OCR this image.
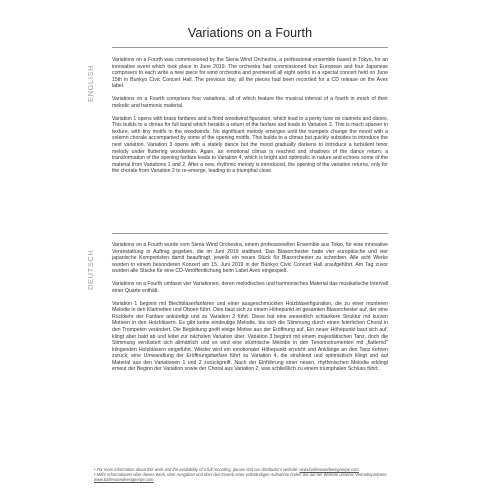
Variations on a Fourth
ENGLISH

Variations on a Fourth was commissioned by the Siena Wind Orchestra, a professional ensemble based in Tokyo, for an innovative event which took place in June 2019. The orchestra had commissioned four European and four Japanese composers to each write a new piece for wind orchestra and premiered all eight works in a special concert held on June 15th in Bunkyo Civic Concert Hall. The previous day, all the pieces had been recorded for a CD release on the Avex label.

Variations on a Fourth comprises four variations, all of which feature the musical interval of a fourth in much of their melodic and harmonic material.

Variation 1 opens with brass fanfares and a florid woodwind figuration, which lead to a perky tune on clarinets and oboes. This builds to a climax for full band which heralds a return of the fanfare and leads to Variation 2. This is much sparser in texture, with tiny motifs in the woodwinds. No significant melody emerges until the trumpets change the mood with a solemn chorale accompanied by some of the opening motifs. This builds to a climax but quickly subsides to introduce the next variation. Variation 3 opens with a stately dance but the mood gradually darkens to introduce a turbulent tenor melody under fluttering woodwinds. Again, an emotional climax is reached and shadows of the dance return; a transformation of the opening fanfare leads to Variation 4, which is bright and optimistic in nature and echoes some of the material from Variations 1 and 2. After a new, rhythmic melody is introduced, the opening of the variation returns, only for the chorale from Variation 2 to re-emerge, leading to a triumphal close.

DEUTSCH

Variations on a Fourth wurde vom Siena Wind Orchestra, einem professionellen Ensemble aus Tokio, für eine innovative Veranstaltung in Auftrag gegeben, die im Juni 2019 stattfand. Das Blasorchester hatte vier europäische und vier japanische Komponisten damit beauftragt, jeweils ein neues Stück für Blasorchester zu schreiben. Alle acht Werke wurden in einem besonderen Konzert am 15. Juni 2019 in der Bunkyo Civic Concert Hall uraufgeführt. Am Tag zuvor wurden alle Stücke für eine CD-Veröffentlichung beim Label Avex eingespielt.

Variations on a Fourth umfasst vier Variationen, deren melodisches und harmonisches Material das musikalische Intervall einer Quarte enthält.

Variation 1 beginnt mit Blechbläserfanfaren und einer ausgeschmückten Holzbläserfiguration, die zu einer munteren Melodie in den Klarinetten und Oboen führt. Dies baut sich zu einem Höhepunkt im gesamten Blasorchester auf, der eine Rückkehr der Fanfare ankündigt und zu Variation 2 führt. Diese hat eine wesentlich schlankere Struktur mit kurzen Motiven in den Holzbläsern. Es gibt keine eindeutige Melodie, bis sich die Stimmung durch einen feierlichen Choral in den Trompeten verändert. Die Begleitung greift einige Motive aus der Eröffnung auf. Ein neuer Höhepunkt baut sich auf, klingt aber bald ab und leitet zur nächsten Variation über. Variation 3 beginnt mit einem majestätischen Tanz, doch die Stimmung verdüstert sich allmählich und es wird eine stürmische Melodie in den Tenorinstrumenten mit „flatternd" klingenden Holzbläsern eingeführt. Wieder wird ein emotionaler Höhepunkt erreicht und Anklänge an den Tanz kehren zurück; eine Umwandlung der Eröffnungsfanfare führt zu Variation 4, die strahlend und optimistisch klingt und auf Material aus den Variationen 1 und 2 zurückgreift. Nach der Einführung einer neuen, rhythmischen Melodie erklingt erneut der Beginn der Variation sowie der Choral aus Variation 2, was schließlich zu einem triumphalen Schluss führt.

• For more information about this work and the availability of a full recording, please visit our distributor's website: www.baileswandeesignerpe.com

• Mehr Informationen über dieses Werk, über Ausgaben und über den Erwerb einer vollständigen Aufnahme finden Sie auf der Website unseres Vertriebspartners: www.baileswandeesignerpe.com
